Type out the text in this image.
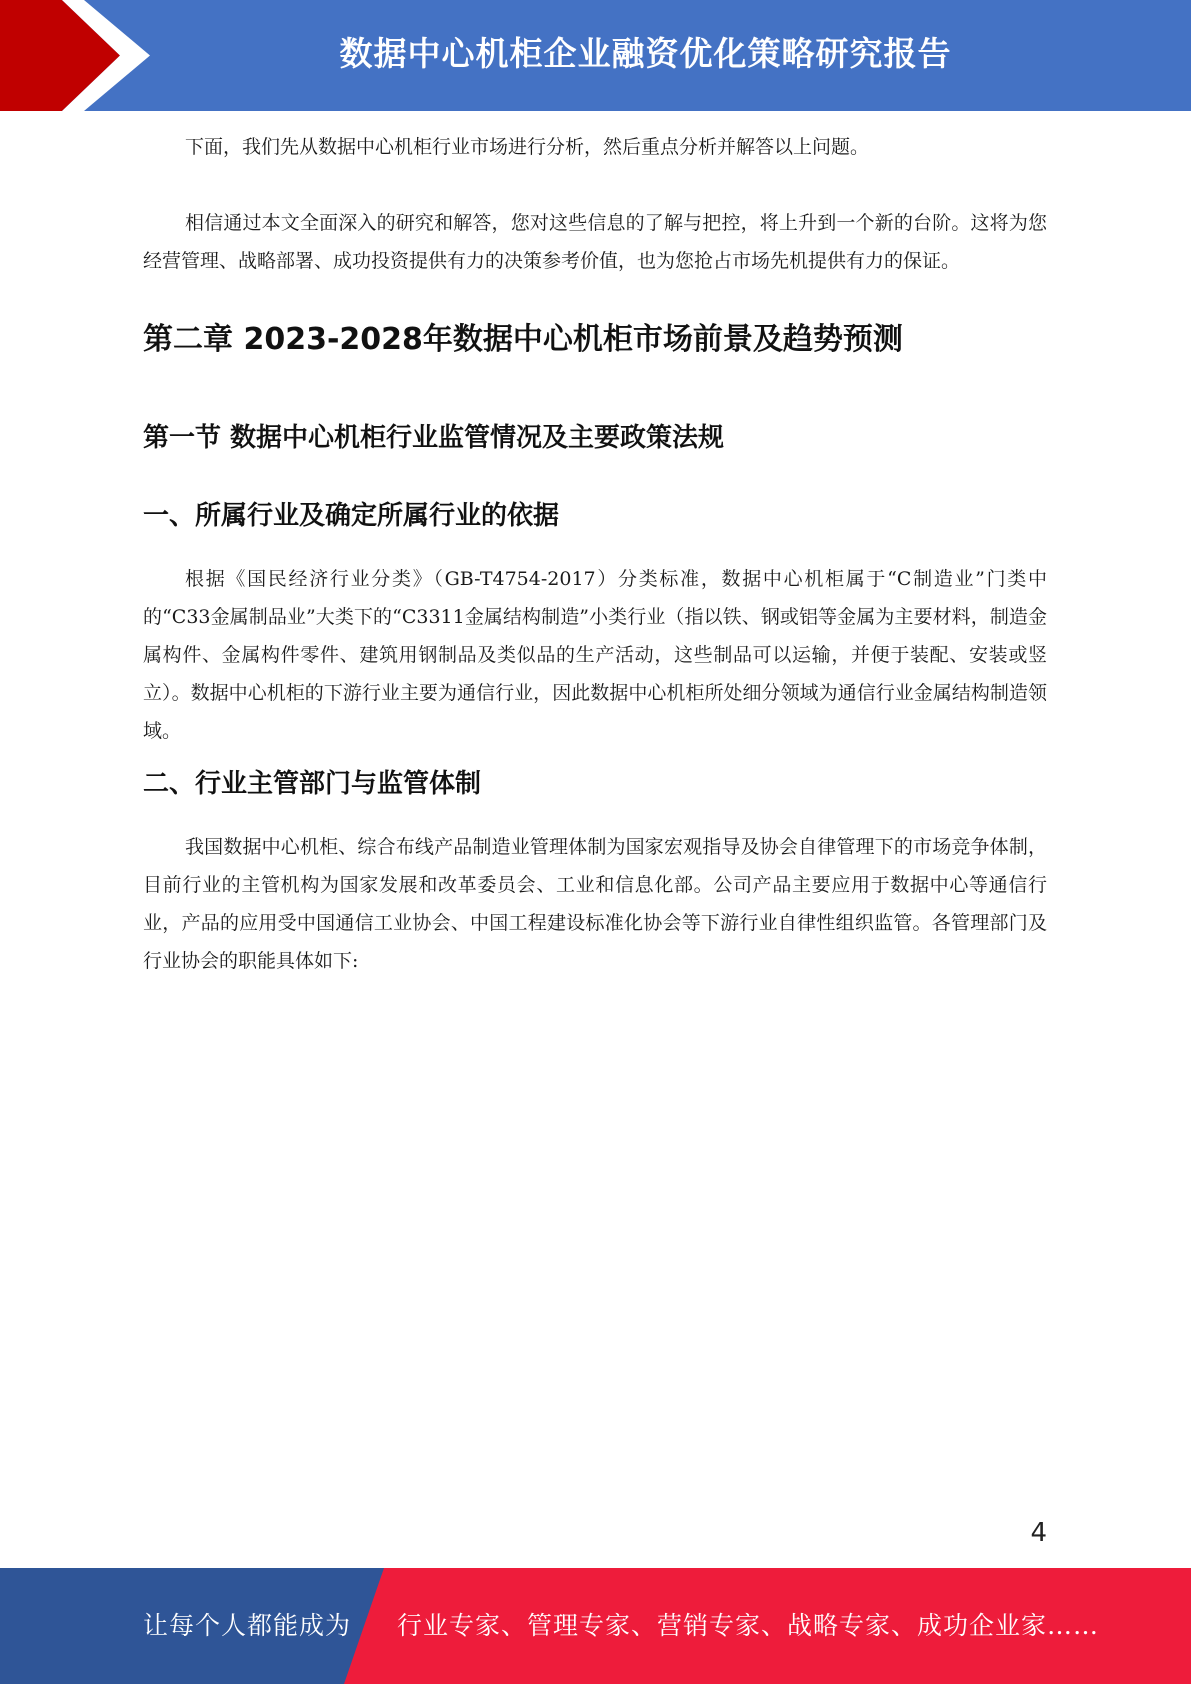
数据中心机柜企业融资优化策略研究报告

下面，我们先从数据中心机柜行业市场进行分析，然后重点分析并解答以上问题。

相信通过本文全面深入的研究和解答，您对这些信息的了解与把控，将上升到一个新的台阶。这将为您经营管理、战略部署、成功投资提供有力的决策参考价值，也为您抢占市场先机提供有力的保证。

第二章 2023-2028年数据中心机柜市场前景及趋势预测
第一节 数据中心机柜行业监管情况及主要政策法规
一、所属行业及确定所属行业的依据

根据《国民经济行业分类》（GB-T4754-2017）分类标准，数据中心机柜属于“C制造业”门类中的“C33金属制品业”大类下的“C3311金属结构制造”小类行业（指以铁、钢或铝等金属为主要材料，制造金属构件、金属构件零件、建筑用钢制品及类似品的生产活动，这些制品可以运输，并便于装配、安装或竖立）。数据中心机柜的下游行业主要为通信行业，因此数据中心机柜所处细分领域为通信行业金属结构制造领域。

二、行业主管部门与监管体制

我国数据中心机柜、综合布线产品制造业管理体制为国家宏观指导及协会自律管理下的市场竞争体制，目前行业的主管机构为国家发展和改革委员会、工业和信息化部。公司产品主要应用于数据中心等通信行业，产品的应用受中国通信工业协会、中国工程建设标准化协会等下游行业自律性组织监管。各管理部门及行业协会的职能具体如下:

4
让每个人都能成为 行业专家、管理专家、营销专家、战略专家、成功企业家……
